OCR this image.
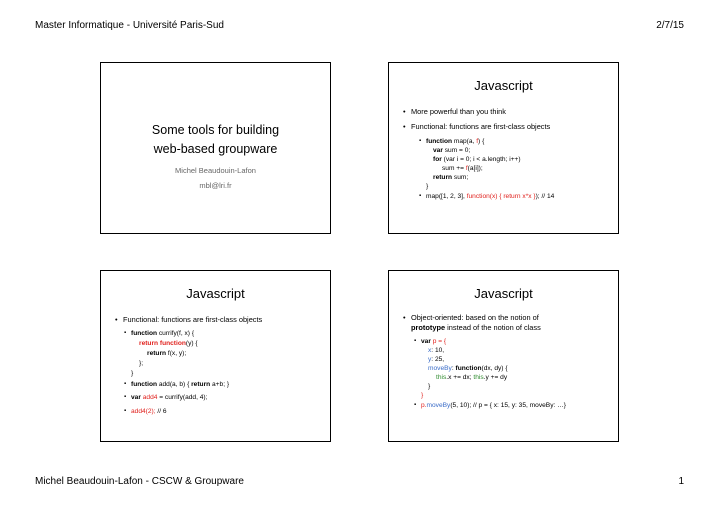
Master Informatique - Université Paris-Sud	2/7/15
Some tools for building
web-based groupware
Michel Beaudouin-Lafon
mbl@lri.fr
Javascript
• More powerful than you think
• Functional: functions are first-class objects
▪ function map(a, f) {
var sum = 0;
for (var i = 0; i < a.length; i++)
sum += f(a[i]);
return sum;
}
▪ map([1, 2, 3], function(x) { return x*x }); // 14
Javascript
• Functional: functions are first-class objects
▪ function currify(f, x) {
return function(y) {
return f(x, y);
};
}
▪ function add(a, b) { return a+b; }
▪ var add4 = currify(add, 4);
▪ add4(2); // 6
Javascript
• Object-oriented: based on the notion of
prototype instead of the notion of class
▪ var p = {
x: 10,
y: 25,
moveBy: function(dx, dy) {
this.x += dx; this.y += dy
}
}
▪ p.moveBy(5, 10); // p = { x: 15, y: 35, moveBy: …}
Michel Beaudouin-Lafon - CSCW & Groupware	1
